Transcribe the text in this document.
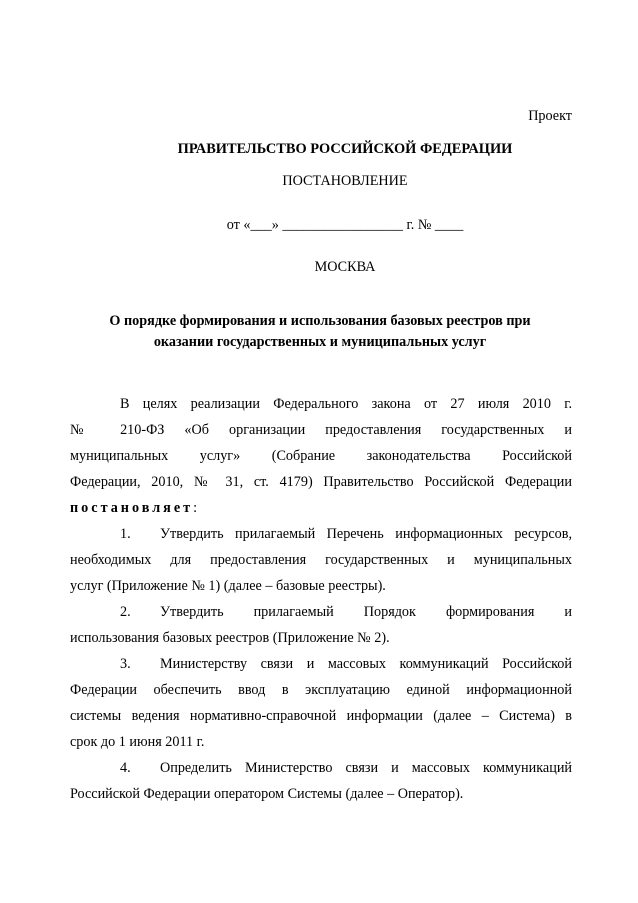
Проект
ПРАВИТЕЛЬСТВО РОССИЙСКОЙ ФЕДЕРАЦИИ
ПОСТАНОВЛЕНИЕ
от «___» _________________ г. № ____
МОСКВА
О порядке формирования и использования базовых реестров при
оказании государственных и муниципальных услуг
В целях реализации Федерального закона от 27 июля 2010 г.
№ 210-ФЗ «Об организации предоставления государственных и
муниципальных услуг» (Собрание законодательства Российской
Федерации, 2010, № 31, ст. 4179) Правительство Российской Федерации
постановляет:
1. Утвердить прилагаемый Перечень информационных ресурсов,
необходимых для предоставления государственных и муниципальных
услуг (Приложение № 1) (далее – базовые реестры).
2. Утвердить прилагаемый Порядок формирования и
использования базовых реестров (Приложение № 2).
3. Министерству связи и массовых коммуникаций Российской
Федерации обеспечить ввод в эксплуатацию единой информационной
системы ведения нормативно-справочной информации (далее – Система) в
срок до 1 июня 2011 г.
4. Определить Министерство связи и массовых коммуникаций
Российской Федерации оператором Системы (далее – Оператор).
